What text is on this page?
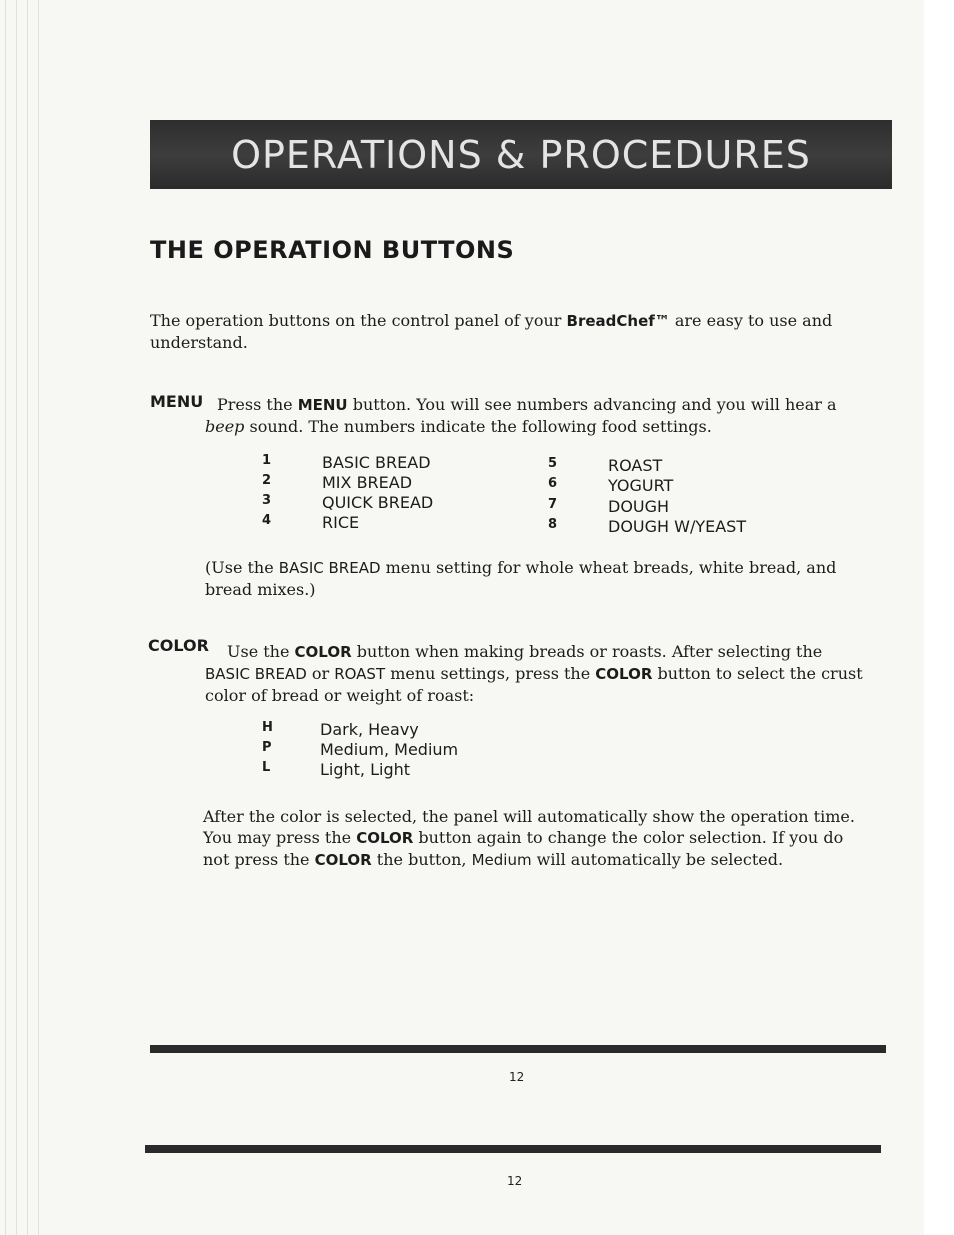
OPERATIONS & PROCEDURES
THE OPERATION BUTTONS
The operation buttons on the control panel of your BreadChef™ are easy to use and understand.
MENU Press the MENU button. You will see numbers advancing and you will hear a beep sound. The numbers indicate the following food settings.
1	BASIC BREAD
2	MIX BREAD
3	QUICK BREAD
4	RICE
5	ROAST
6	YOGURT
7	DOUGH
8	DOUGH W/YEAST
(Use the BASIC BREAD menu setting for whole wheat breads, white bread, and bread mixes.)
COLOR	Use the COLOR button when making breads or roasts. After selecting the BASIC BREAD or ROAST menu settings, press the COLOR button to select the crust color of bread or weight of roast:
H	Dark, Heavy
P	Medium, Medium
L	Light, Light
After the color is selected, the panel will automatically show the operation time. You may press the COLOR button again to change the color selection. If you do not press the COLOR the button, Medium will automatically be selected.
12
12
